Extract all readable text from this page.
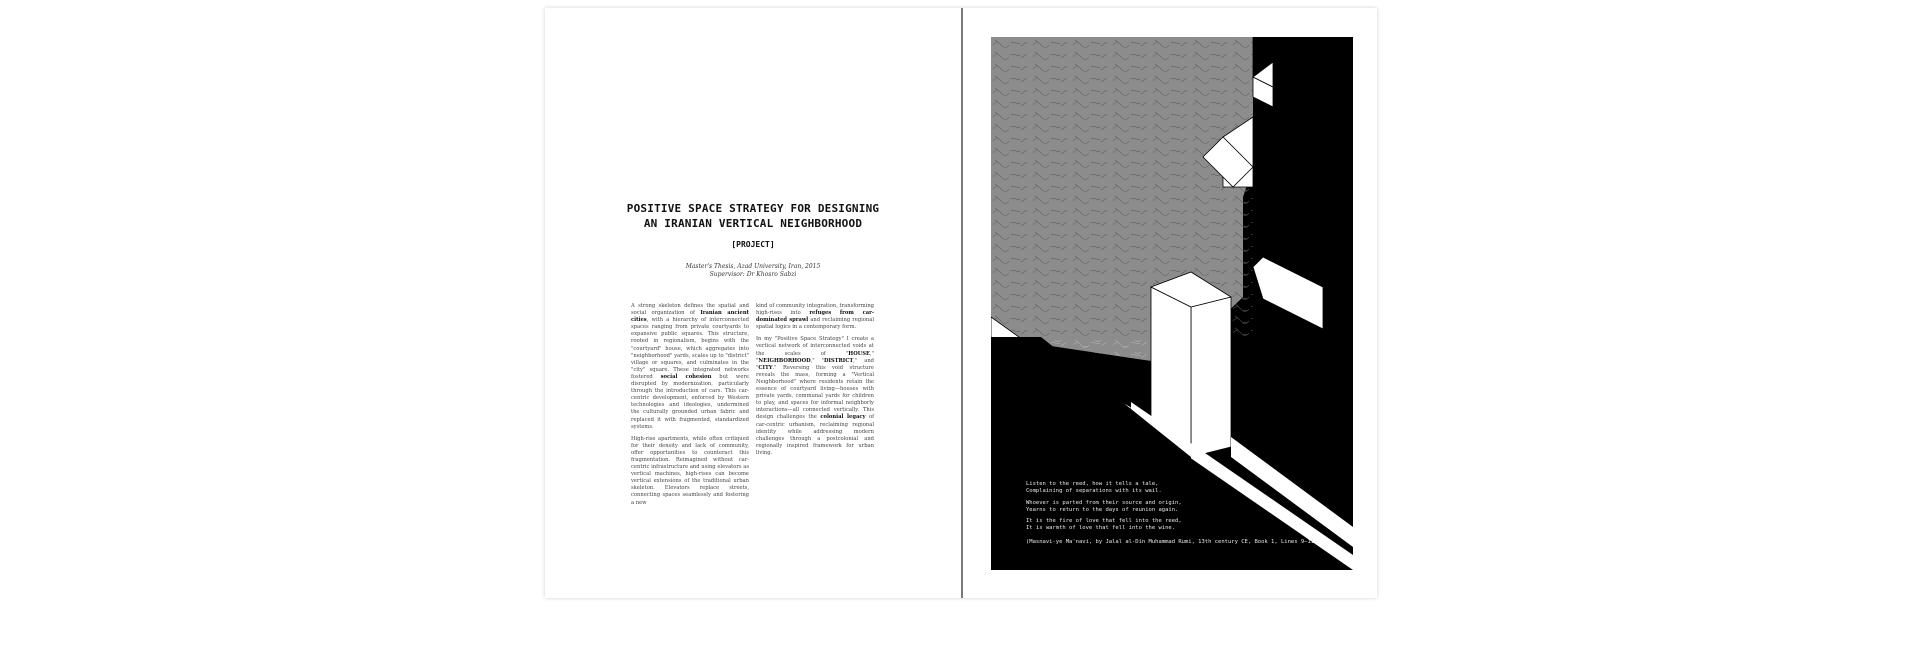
POSITIVE SPACE STRATEGY FOR DESIGNING
AN IRANIAN VERTICAL NEIGHBORHOOD
[PROJECT]
Master's Thesis, Azad University, Iran, 2015
Supervisor: Dr Khosro Sabzi

A strong skeleton defines the spatial and social organization of Iranian ancient cities, with a hierarchy of interconnected spaces ranging from private courtyards to expansive public squares. This structure, rooted in regionalism, begins with the "courtyard" house, which aggregates into "neighborhood" yards, scales up to "district" village or squares, and culminates in the "city" square. These integrated networks fostered social cohesion but were disrupted by modernization, particularly through the introduction of cars. This car-centric development, enforced by Western technologies and ideologies, undermined the culturally grounded urban fabric and replaced it with fragmented, standardized systems.

High-rise apartments, while often critiqued for their density and lack of community, offer opportunities to counteract this fragmentation. Reimagined without car-centric infrastructure and using elevators as vertical machines, high-rises can become vertical extensions of the traditional urban skeleton. Elevators replace streets, connecting spaces seamlessly and fostering a new

kind of community integration, transforming high-rises into refuges from car-dominated sprawl and reclaiming regional spatial logics in a contemporary form.

In my "Positive Space Strategy" I create a vertical network of interconnected voids at the scales of "HOUSE," "NEIGHBORHOOD," "DISTRICT," and "CITY." Reversing this void structure reveals the mass, forming a "Vertical Neighborhood" where residents retain the essence of courtyard living—houses with private yards, communal yards for children to play, and spaces for informal neighborly interactions—all connected vertically. This design challenges the colonial legacy of car-centric urbanism, reclaiming regional identity while addressing modern challenges through a postcolonial and regionally inspired framework for urban living.

Listen to the reed, how it tells a tale,
Complaining of separations with its wail.

Whoever is parted from their source and origin,
Yearns to return to the days of reunion again.

It is the fire of love that fell into the reed,
It is warmth of love that fell into the wine.

(Masnavi-ye Ma'navi, by Jalal al-Din Muhammad Rumi, 13th century CE, Book 1, Lines 9–11)
